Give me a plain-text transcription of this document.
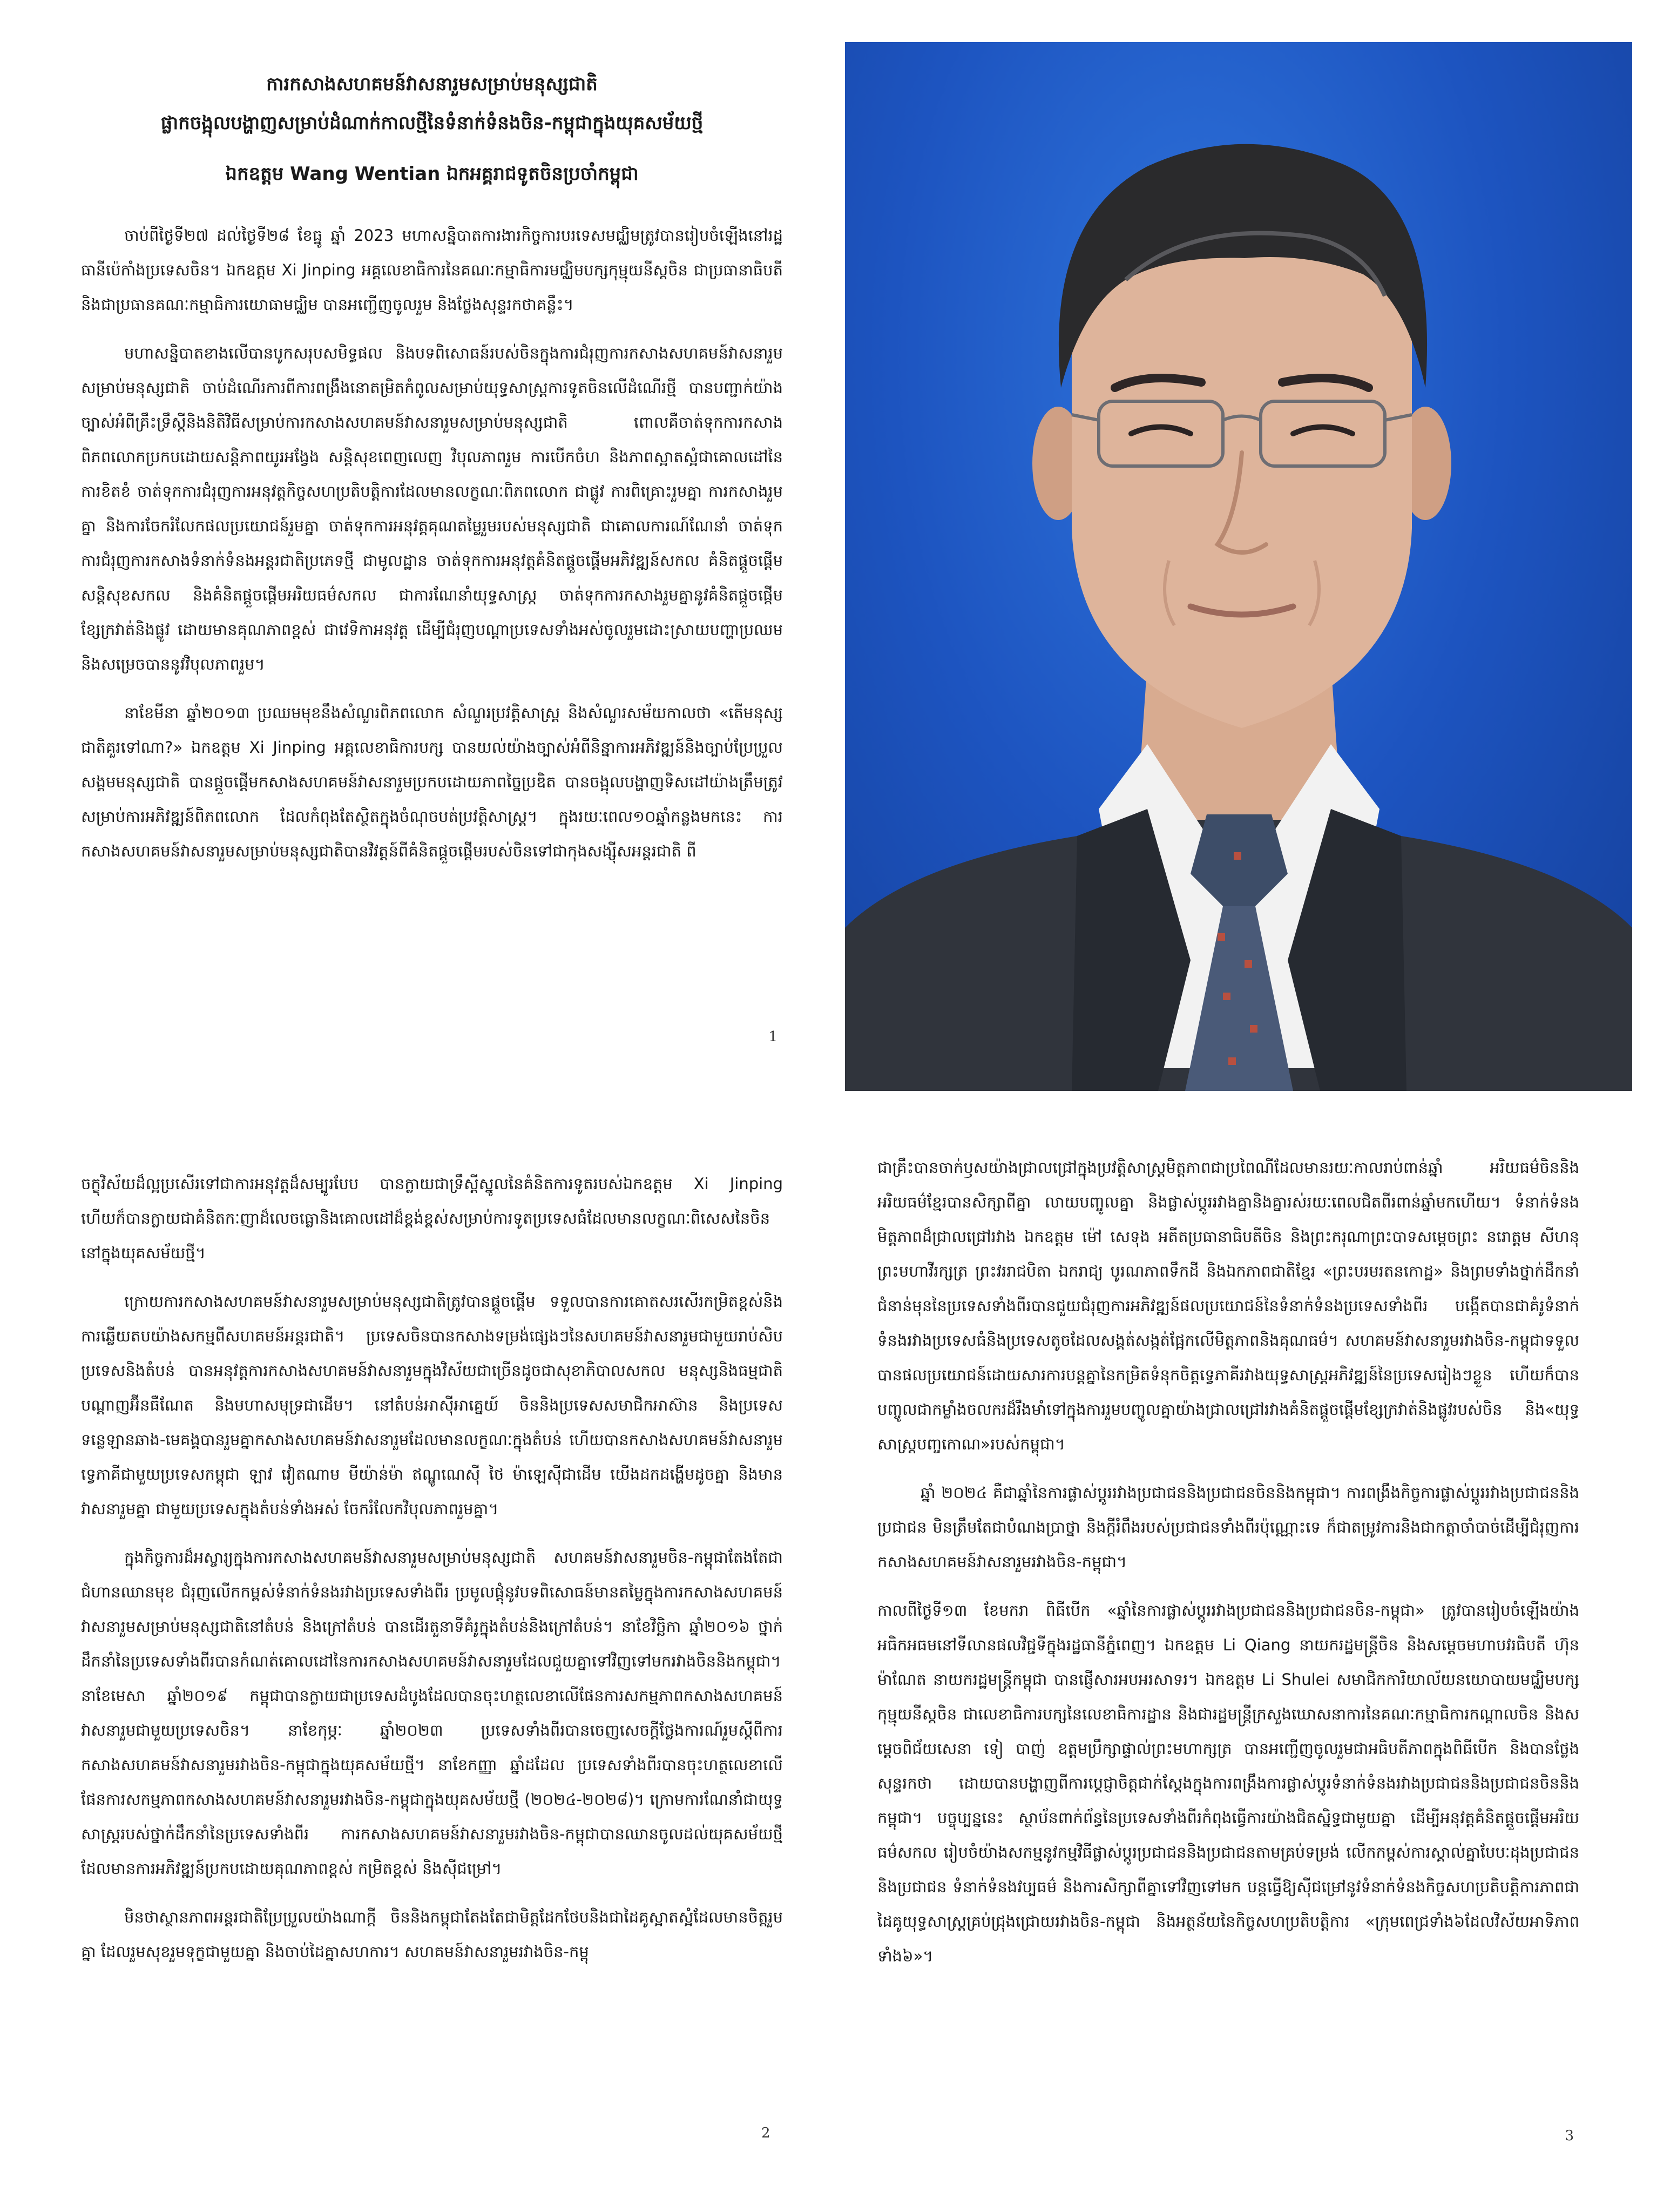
ការកសាងសហគមន៍វាសនារួមសម្រាប់មនុស្សជាតិ

ផ្លាកចង្អុលបង្ហាញសម្រាប់ដំណាក់កាលថ្មីនៃទំនាក់ទំនងចិន-កម្ពុជាក្នុងយុគសម័យថ្មី

ឯកឧត្តម Wang Wentian ឯកអគ្គរាជទូតចិនប្រចាំកម្ពុជា

ចាប់ពីថ្ងៃទី២៧ ដល់ថ្ងៃទី២៨ ខែធ្នូ ឆ្នាំ 2023 មហាសន្និបាតការងារកិច្ចការបរទេសមជ្ឈិមត្រូវបានរៀបចំឡើងនៅរដ្ឋធានីប៉េកាំងប្រទេសចិន។ ឯកឧត្តម Xi Jinping អគ្គលេខាធិការនៃគណៈកម្មាធិការមជ្ឈិមបក្សកុម្មុយនីស្តចិន ជាប្រធានាធិបតី និងជាប្រធានគណៈកម្មាធិការយោធាមជ្ឈិម បានអញ្ជើញចូលរួម និងថ្លែងសុន្ទរកថាគន្លឹះ។

មហាសន្និបាតខាងលើបានបូកសរុបសមិទ្ធផល និងបទពិសោធន៍របស់ចិនក្នុងការជំរុញការកសាងសហគមន៍វាសនារួមសម្រាប់មនុស្សជាតិ ចាប់ដំណើរការពីការពង្រឹងនោតម្រិតកំពូលសម្រាប់យុទ្ធសាស្ត្រការទូតចិនលើដំណើរថ្មី បានបញ្ជាក់យ៉ាងច្បាស់អំពីគ្រឹះទ្រឹស្តីនិងនិតិវិធីសម្រាប់ការកសាងសហគមន៍វាសនារួមសម្រាប់មនុស្សជាតិ ពោលគឺចាត់ទុកការកសាងពិភពលោកប្រកបដោយសន្តិភាពយូរអង្វែង សន្តិសុខពេញលេញ វិបុលភាពរួម ការបើកចំហ និងភាពស្អាតស្អំជាគោលដៅនៃការខិតខំ ចាត់ទុកការជំរុញការអនុវត្តកិច្ចសហប្រតិបត្តិការដែលមានលក្ខណៈពិភពលោក ជាផ្លូវ ការពិគ្រោះរួមគ្នា ការកសាងរួមគ្នា និងការចែករំលែកផលប្រយោជន៍រួមគ្នា ចាត់ទុកការអនុវត្តគុណតម្លៃរួមរបស់មនុស្សជាតិ ជាគោលការណ៍ណែនាំ ចាត់ទុកការជំរុញការកសាងទំនាក់ទំនងអន្តរជាតិប្រភេទថ្មី ជាមូលដ្ឋាន ចាត់ទុកការអនុវត្តគំនិតផ្តួចផ្តើមអភិវឌ្ឍន៍សកល គំនិតផ្តួចផ្តើមសន្តិសុខសកល និងគំនិតផ្តួចផ្តើមអរិយធម៌សកល ជាការណែនាំយុទ្ធសាស្ត្រ ចាត់ទុកការកសាងរួមគ្នានូវគំនិតផ្តួចផ្តើមខ្សែក្រវាត់និងផ្លូវ ដោយមានគុណភាពខ្ពស់ ជាវេទិកាអនុវត្ត ដើម្បីជំរុញបណ្តាប្រទេសទាំងអស់ចូលរួមដោះស្រាយបញ្ហាប្រឈម និងសម្រេចបាននូវវិបុលភាពរួម។

នាខែមីនា ឆ្នាំ២០១៣ ប្រឈមមុខនឹងសំណួរពិភពលោក សំណួរប្រវត្តិសាស្ត្រ និងសំណួរសម័យកាលថា «តើមនុស្សជាតិគួរទៅណា?» ឯកឧត្តម Xi Jinping អគ្គលេខាធិការបក្ស បានយល់យ៉ាងច្បាស់អំពីនិន្នាការអភិវឌ្ឍន៍និងច្បាប់ប្រែប្រួលសង្គមមនុស្សជាតិ បានផ្តួចផ្តើមកសាងសហគមន៍វាសនារួមប្រកបដោយភាពច្នៃប្រឌិត បានចង្អុលបង្ហាញទិសដៅយ៉ាងត្រឹមត្រូវសម្រាប់ការអភិវឌ្ឍន៍ពិភពលោក ដែលកំពុងតែស្ថិតក្នុងចំណុចបត់ប្រវត្តិសាស្ត្រ។ ក្នុងរយៈពេល១០ឆ្នាំកន្លងមកនេះ ការកសាងសហគមន៍វាសនារួមសម្រាប់មនុស្សជាតិបានវិវត្តន៍ពីគំនិតផ្តួចផ្តើមរបស់ចិនទៅជាកុងសង្ស៊ីសអន្តរជាតិ ពី

1

ចក្ខុវិស័យដ៏ល្អប្រសើរទៅជាការអនុវត្តដ៏សម្បូរបែប បានក្លាយជាទ្រឹស្តីស្នូលនៃគំនិតការទូតរបស់ឯកឧត្តម Xi Jinping ហើយក៏បានក្លាយជាគំនិតកៈញាដ៏លេចធ្លោនិងគោលដៅដ៏ខ្ពង់ខ្ពស់សម្រាប់ការទូតប្រទេសធំដែលមានលក្ខណៈពិសេសនៃចិននៅក្នុងយុគសម័យថ្មី។

ក្រោយការកសាងសហគមន៍វាសនារួមសម្រាប់មនុស្សជាតិត្រូវបានផ្តួចផ្តើម ទទួលបានការគោតសរសើរកម្រិតខ្ពស់និងការឆ្លើយតបយ៉ាងសកម្មពីសហគមន៍អន្តរជាតិ។ ប្រទេសចិនបានកសាងទម្រង់ផ្សេងៗនៃសហគមន៍វាសនារួមជាមួយរាប់សិបប្រទេសនិងតំបន់ បានអនុវត្តការកសាងសហគមន៍វាសនារួមក្នុងវិស័យជាច្រើនដូចជាសុខាភិបាលសកល មនុស្សនិងធម្មជាតិ បណ្តាញអ៊ីនធឺណែត និងមហាសមុទ្រជាដើម។ នៅតំបន់អាស៊ីអាគ្នេយ៍ ចិននិងប្រទេសសមាជិកអាស៊ាន និងប្រទេសទន្លេឡានឆាង-មេគង្គបានរួមគ្នាកសាងសហគមន៍វាសនារួមដែលមានលក្ខណៈក្នុងតំបន់ ហើយបានកសាងសហគមន៍វាសនារួមទ្វេភាគីជាមួយប្រទេសកម្ពុជា ឡាវ វៀតណាម មីយ៉ាន់ម៉ា ឥណ្ឌូណេស៊ី ថៃ ម៉ាឡេស៊ីជាដើម យើងដកដង្ហើមដូចគ្នា និងមានវាសនារួមគ្នា ជាមួយប្រទេសក្នុងតំបន់ទាំងអស់ ចែករំលែកវិបុលភាពរួមគ្នា។

ក្នុងកិច្ចការដ៏អស្ចារ្យក្នុងការកសាងសហគមន៍វាសនារួមសម្រាប់មនុស្សជាតិ សហគមន៍វាសនារួមចិន-កម្ពុជាតែងតែជាជំហានឈានមុខ ជំរុញលើកកម្ពស់ទំនាក់ទំនងរវាងប្រទេសទាំងពីរ ប្រមូលផ្តុំនូវបទពិសោធន៍មានតម្លៃក្នុងការកសាងសហគមន៍វាសនារួមសម្រាប់មនុស្សជាតិនៅតំបន់ និងក្រៅតំបន់ បានដើរតួនាទីគំរូក្នុងតំបន់និងក្រៅតំបន់។ នាខែវិច្ឆិកា ឆ្នាំ២០១៦ ថ្នាក់ដឹកនាំនៃប្រទេសទាំងពីរបានកំណត់គោលដៅនៃការកសាងសហគមន៍វាសនារួមដែលជួយគ្នាទៅវិញទៅមករវាងចិននិងកម្ពុជា។ នាខែមេសា ឆ្នាំ២០១៩ កម្ពុជាបានក្លាយជាប្រទេសដំបូងដែលបានចុះហត្ថលេខាលើផែនការសកម្មភាពកសាងសហគមន៍វាសនារួមជាមួយប្រទេសចិន។ នាខែកុម្ភៈ ឆ្នាំ២០២៣ ប្រទេសទាំងពីរបានចេញសេចក្តីថ្លែងការណ៍រួមស្តីពីការកសាងសហគមន៍វាសនារួមរវាងចិន-កម្ពុជាក្នុងយុគសម័យថ្មី។ នាខែកញ្ញា ឆ្នាំដដែល ប្រទេសទាំងពីរបានចុះហត្ថលេខាលើផែនការសកម្មភាពកសាងសហគមន៍វាសនារួមរវាងចិន-កម្ពុជាក្នុងយុគសម័យថ្មី (២០២៤-២០២៨)។ ក្រោមការណែនាំជាយុទ្ធសាស្ត្ររបស់ថ្នាក់ដឹកនាំនៃប្រទេសទាំងពីរ ការកសាងសហគមន៍វាសនារួមរវាងចិន-កម្ពុជាបានឈានចូលដល់យុគសម័យថ្មីដែលមានការអភិវឌ្ឍន៍ប្រកបដោយគុណភាពខ្ពស់ កម្រិតខ្ពស់ និងស៊ីជម្រៅ។

មិនថាស្ថានភាពអន្តរជាតិប្រែប្រួលយ៉ាងណាក្តី ចិននិងកម្ពុជាតែងតែជាមិត្តដែកថែបនិងជាដៃគូស្អាតស្អំដែលមានចិត្តរួមគ្នា ដែលរួមសុខរួមទុក្ខជាមួយគ្នា និងចាប់ដៃគ្នាសហការ។ សហគមន៍វាសនារួមរវាងចិន-កម្ពុ

2

ជាគ្រឹះបានចាក់ឫសយ៉ាងជ្រាលជ្រៅក្នុងប្រវត្តិសាស្ត្រមិត្តភាពជាប្រពៃណីដែលមានរយៈកាលរាប់ពាន់ឆ្នាំ អរិយធម៌ចិននិងអរិយធម៌ខ្មែរបានសិក្សាពីគ្នា លាយបញ្ចូលគ្នា និងផ្លាស់ប្តូររវាងគ្នានិងគ្នារស់រយៈពេលជិតពីរពាន់ឆ្នាំមកហើយ។ ទំនាក់ទំនងមិត្តភាពដ៏ជ្រាលជ្រៅរវាង ឯកឧត្តម ម៉ៅ សេទុង អតីតប្រធានាធិបតីចិន និងព្រះករុណាព្រះបាទសម្តេចព្រះ នរោត្តម សីហនុ ព្រះមហាវីរក្សត្រ ព្រះវររាជបិតា ឯករាជ្យ បូរណភាពទឹកដី និងឯកភាពជាតិខ្មែរ «ព្រះបរមរតនកោដ្ឋ» និងព្រមទាំងថ្នាក់ដឹកនាំជំនាន់មុននៃប្រទេសទាំងពីរបានជួយជំរុញការអភិវឌ្ឍន៍ផលប្រយោជន៍នៃទំនាក់ទំនងប្រទេសទាំងពីរ បង្កើតបានជាគំរូទំនាក់ទំនងរវាងប្រទេសធំនិងប្រទេសតូចដែលសង្គត់សង្កត់ផ្អែកលើមិត្តភាពនិងគុណធម៌។ សហគមន៍វាសនារួមរវាងចិន-កម្ពុជាទទួលបានផលប្រយោជន៍ដោយសារការបន្តគ្នានៃកម្រិតទំនុកចិត្តទ្វេភាគីរវាងយុទ្ធសាស្ត្រអភិវឌ្ឍន៍នៃប្រទេសរៀងៗខ្លួន ហើយក៏បានបញ្ចូលជាកម្លាំងចលករដ៏រឹងមាំទៅក្នុងការរួមបញ្ចូលគ្នាយ៉ាងជ្រាលជ្រៅរវាងគំនិតផ្តួចផ្តើមខ្សែក្រវាត់និងផ្លូវរបស់ចិន និង«យុទ្ធសាស្ត្របញ្ចកោណ»របស់កម្ពុជា។

ឆ្នាំ ២០២៤ គឺជាឆ្នាំនៃការផ្លាស់ប្តូររវាងប្រជាជននិងប្រជាជនចិននិងកម្ពុជា។ ការពង្រឹងកិច្ចការផ្លាស់ប្តូររវាងប្រជាជននិងប្រជាជន មិនត្រឹមតែជាបំណងប្រាថ្នា និងក្តីរំពឹងរបស់ប្រជាជនទាំងពីរប៉ុណ្ណោះទេ ក៏ជាតម្រូវការនិងជាកត្តាចាំបាច់ដើម្បីជំរុញការកសាងសហគមន៍វាសនារួមរវាងចិន-កម្ពុជា។

កាលពីថ្ងៃទី១៣ ខែមករា ពិធីបើក «ឆ្នាំនៃការផ្លាស់ប្តូររវាងប្រជាជននិងប្រជាជនចិន-កម្ពុជា» ត្រូវបានរៀបចំឡើងយ៉ាងអធិកអធមនៅទីលានផលវិជ្ជទីក្នុងរដ្ឋធានីភ្នំពេញ។ ឯកឧត្តម Li Qiang នាយករដ្ឋមន្ត្រីចិន និងសម្តេចមហាបវរធិបតី ហ៊ុន ម៉ាណែត នាយករដ្ឋមន្ត្រីកម្ពុជា បានផ្ញើសារអបអរសាទរ។ ឯកឧត្តម Li Shulei សមាជិកការិយាល័យនយោបាយមជ្ឈិមបក្សកុម្មុយនីស្តចិន ជាលេខាធិការបក្សនៃលេខាធិការដ្ឋាន និងជារដ្ឋមន្ត្រីក្រសួងឃោសនាការនៃគណៈកម្មាធិការកណ្តាលចិន និងសម្តេចពិជ័យសេនា ទៀ បាញ់ ឧត្តមប្រឹក្សាផ្ទាល់ព្រះមហាក្សត្រ បានអញ្ជើញចូលរួមជាអធិបតីភាពក្នុងពិធីបើក និងបានថ្លែងសុន្ទរកថា ដោយបានបង្ហាញពីការប្តេជ្ញាចិត្តជាក់ស្តែងក្នុងការពង្រឹងការផ្លាស់ប្តូរទំនាក់ទំនងរវាងប្រជាជននិងប្រជាជនចិននិងកម្ពុជា។ បច្ចុប្បន្ននេះ ស្ថាប័នពាក់ព័ន្ធនៃប្រទេសទាំងពីរកំពុងធ្វើការយ៉ាងជិតស្និទ្ធជាមួយគ្នា ដើម្បីអនុវត្តគំនិតផ្តួចផ្តើមអរិយធម៌សកល រៀបចំយ៉ាងសកម្មនូវកម្មវិធីផ្លាស់ប្តូរប្រជាជននិងប្រជាជនតាមគ្រប់ទម្រង់ លើកកម្ពស់ការស្គាល់គ្នាបែបៈដុងប្រជាជននិងប្រជាជន ទំនាក់ទំនងវប្បធម៌ និងការសិក្សាពីគ្នាទៅវិញទៅមក បន្តធ្វើឱ្យស៊ីជម្រៅនូវទំនាក់ទំនងកិច្ចសហប្រតិបត្តិការភាពជាដៃគូយុទ្ធសាស្ត្រគ្រប់ជ្រុងជ្រោយរវាងចិន-កម្ពុជា និងអត្ថន័យនៃកិច្ចសហប្រតិបត្តិការ «ក្រុមពេជ្រទាំង៦ដែលវិស័យអាទិភាពទាំង៦»។

3
